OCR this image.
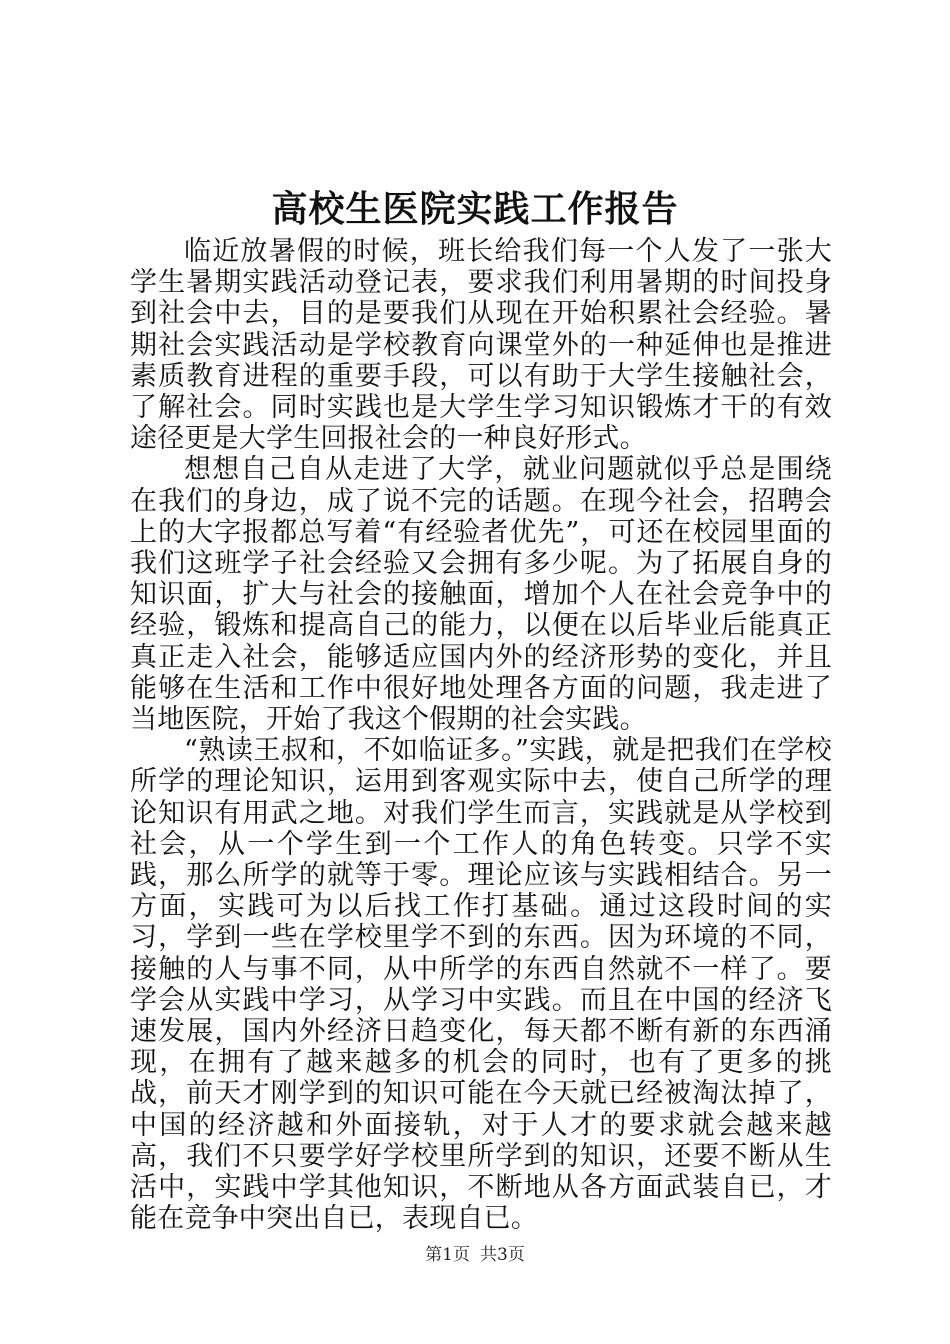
高校生医院实践工作报告

临近放暑假的时候，班长给我们每一个人发了一张大学生暑期实践活动登记表，要求我们利用暑期的时间投身到社会中去，目的是要我们从现在开始积累社会经验。暑期社会实践活动是学校教育向课堂外的一种延伸也是推进素质教育进程的重要手段，可以有助于大学生接触社会，了解社会。同时实践也是大学生学习知识锻炼才干的有效途径更是大学生回报社会的一种良好形式。

想想自己自从走进了大学，就业问题就似乎总是围绕在我们的身边，成了说不完的话题。在现今社会，招聘会上的大字报都总写着“有经验者优先”，可还在校园里面的我们这班学子社会经验又会拥有多少呢。为了拓展自身的知识面，扩大与社会的接触面，增加个人在社会竞争中的经验，锻炼和提高自己的能力，以便在以后毕业后能真正真正走入社会，能够适应国内外的经济形势的变化，并且能够在生活和工作中很好地处理各方面的问题，我走进了当地医院，开始了我这个假期的社会实践。

“熟读王叔和，不如临证多。”实践，就是把我们在学校所学的理论知识，运用到客观实际中去，使自己所学的理论知识有用武之地。对我们学生而言，实践就是从学校到社会，从一个学生到一个工作人的角色转变。只学不实践，那么所学的就等于零。理论应该与实践相结合。另一方面，实践可为以后找工作打基础。通过这段时间的实习，学到一些在学校里学不到的东西。因为环境的不同，接触的人与事不同，从中所学的东西自然就不一样了。要学会从实践中学习，从学习中实践。而且在中国的经济飞速发展，国内外经济日趋变化，每天都不断有新的东西涌现，在拥有了越来越多的机会的同时，也有了更多的挑战，前天才刚学到的知识可能在今天就已经被淘汰掉了，中国的经济越和外面接轨，对于人才的要求就会越来越高，我们不只要学好学校里所学到的知识，还要不断从生活中，实践中学其他知识，不断地从各方面武装自已，才能在竞争中突出自已，表现自已。

第1页 共3页
